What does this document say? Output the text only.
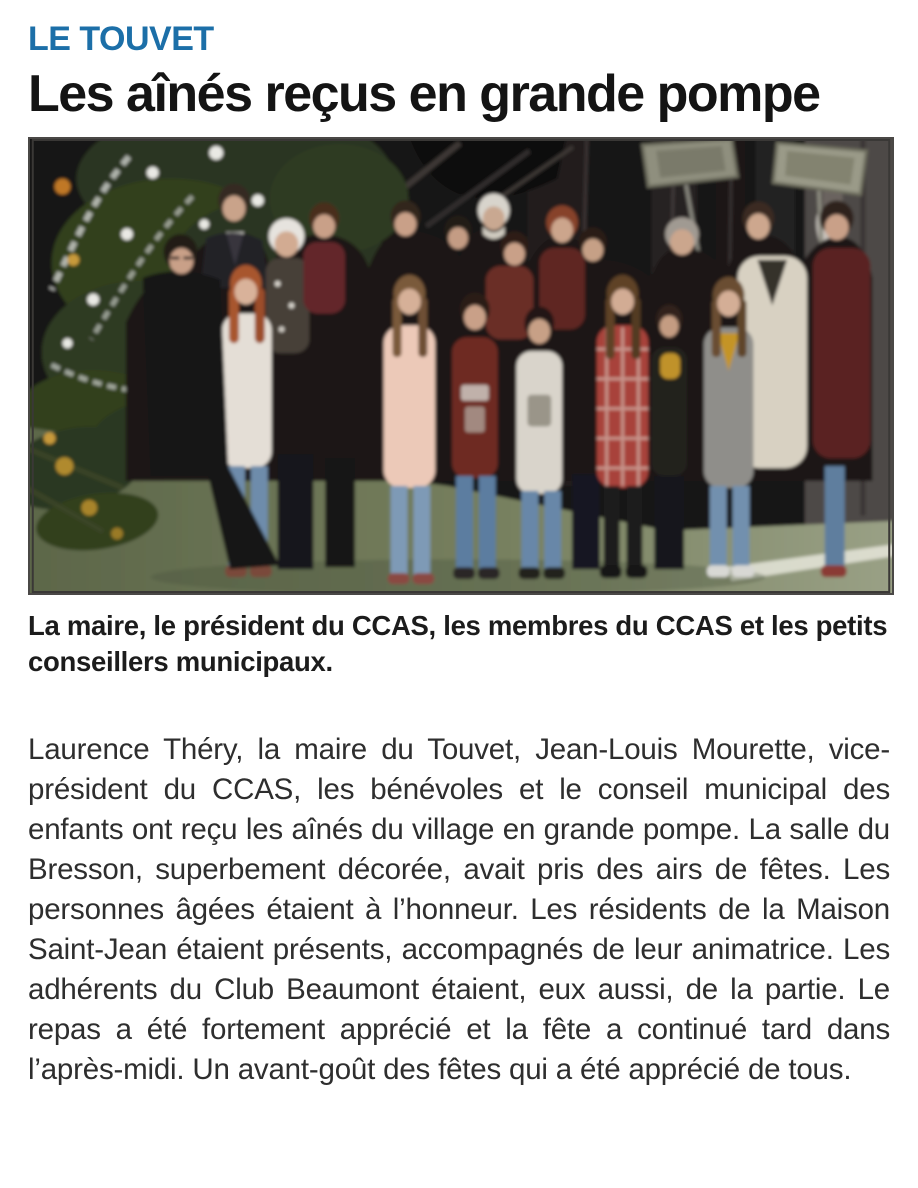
LE TOUVET
Les aînés reçus en grande pompe
La maire, le président du CCAS, les membres du CCAS et les petits conseillers municipaux.

Laurence Théry, la maire du Touvet, Jean-Louis Mourette, vice-président du CCAS, les bénévoles et le conseil municipal des enfants ont reçu les aînés du village en grande pompe. La salle du Bresson, superbement décorée, avait pris des airs de fêtes. Les personnes âgées étaient à l’honneur. Les résidents de la Maison Saint-Jean étaient présents, accompagnés de leur animatrice. Les adhérents du Club Beaumont étaient, eux aussi, de la partie. Le repas a été fortement apprécié et la fête a continué tard dans l’après-midi. Un avant-goût des fêtes qui a été apprécié de tous.
